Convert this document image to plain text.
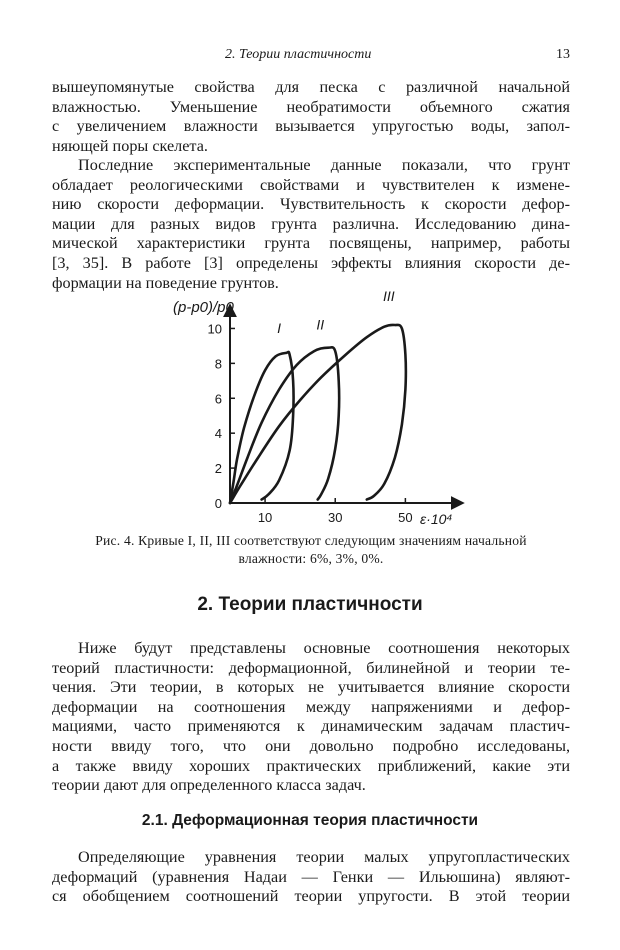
2. Теории пластичности	13
вышеупомянутые свойства для песка с различной начальной
влажностью. Уменьшение необратимости объемного сжатия
с увеличением влажности вызывается упругостью воды, запол-
няющей поры скелета.
Последние экспериментальные данные показали, что грунт
обладает реологическими свойствами и чувствителен к измене-
нию скорости деформации. Чувствительность к скорости дефор-
мации для разных видов грунта различна. Исследованию дина-
мической характеристики грунта посвящены, например, работы
[3, 35]. В работе [3] определены эффекты влияния скорости де-
формации на поведение грунтов.
0
2
4
6
8
10
10	30	50
I	II
III
(p-p0)/p0
ε·10⁴
Рис. 4. Кривые I, II, III соответствуют следующим значениям начальной
влажности: 6%, 3%, 0%.
2. Теории пластичности
Ниже будут представлены основные соотношения некоторых
теорий пластичности: деформационной, билинейной и теории те-
чения. Эти теории, в которых не учитывается влияние скорости
деформации на соотношения между напряжениями и дефор-
мациями, часто применяются к динамическим задачам пластич-
ности ввиду того, что они довольно подробно исследованы,
а также ввиду хороших практических приближений, какие эти
теории дают для определенного класса задач.
2.1. Деформационная теория пластичности
Определяющие уравнения теории малых упругопластических
деформаций (уравнения Надаи — Генки — Ильюшина) являют-
ся обобщением соотношений теории упругости. В этой теории
